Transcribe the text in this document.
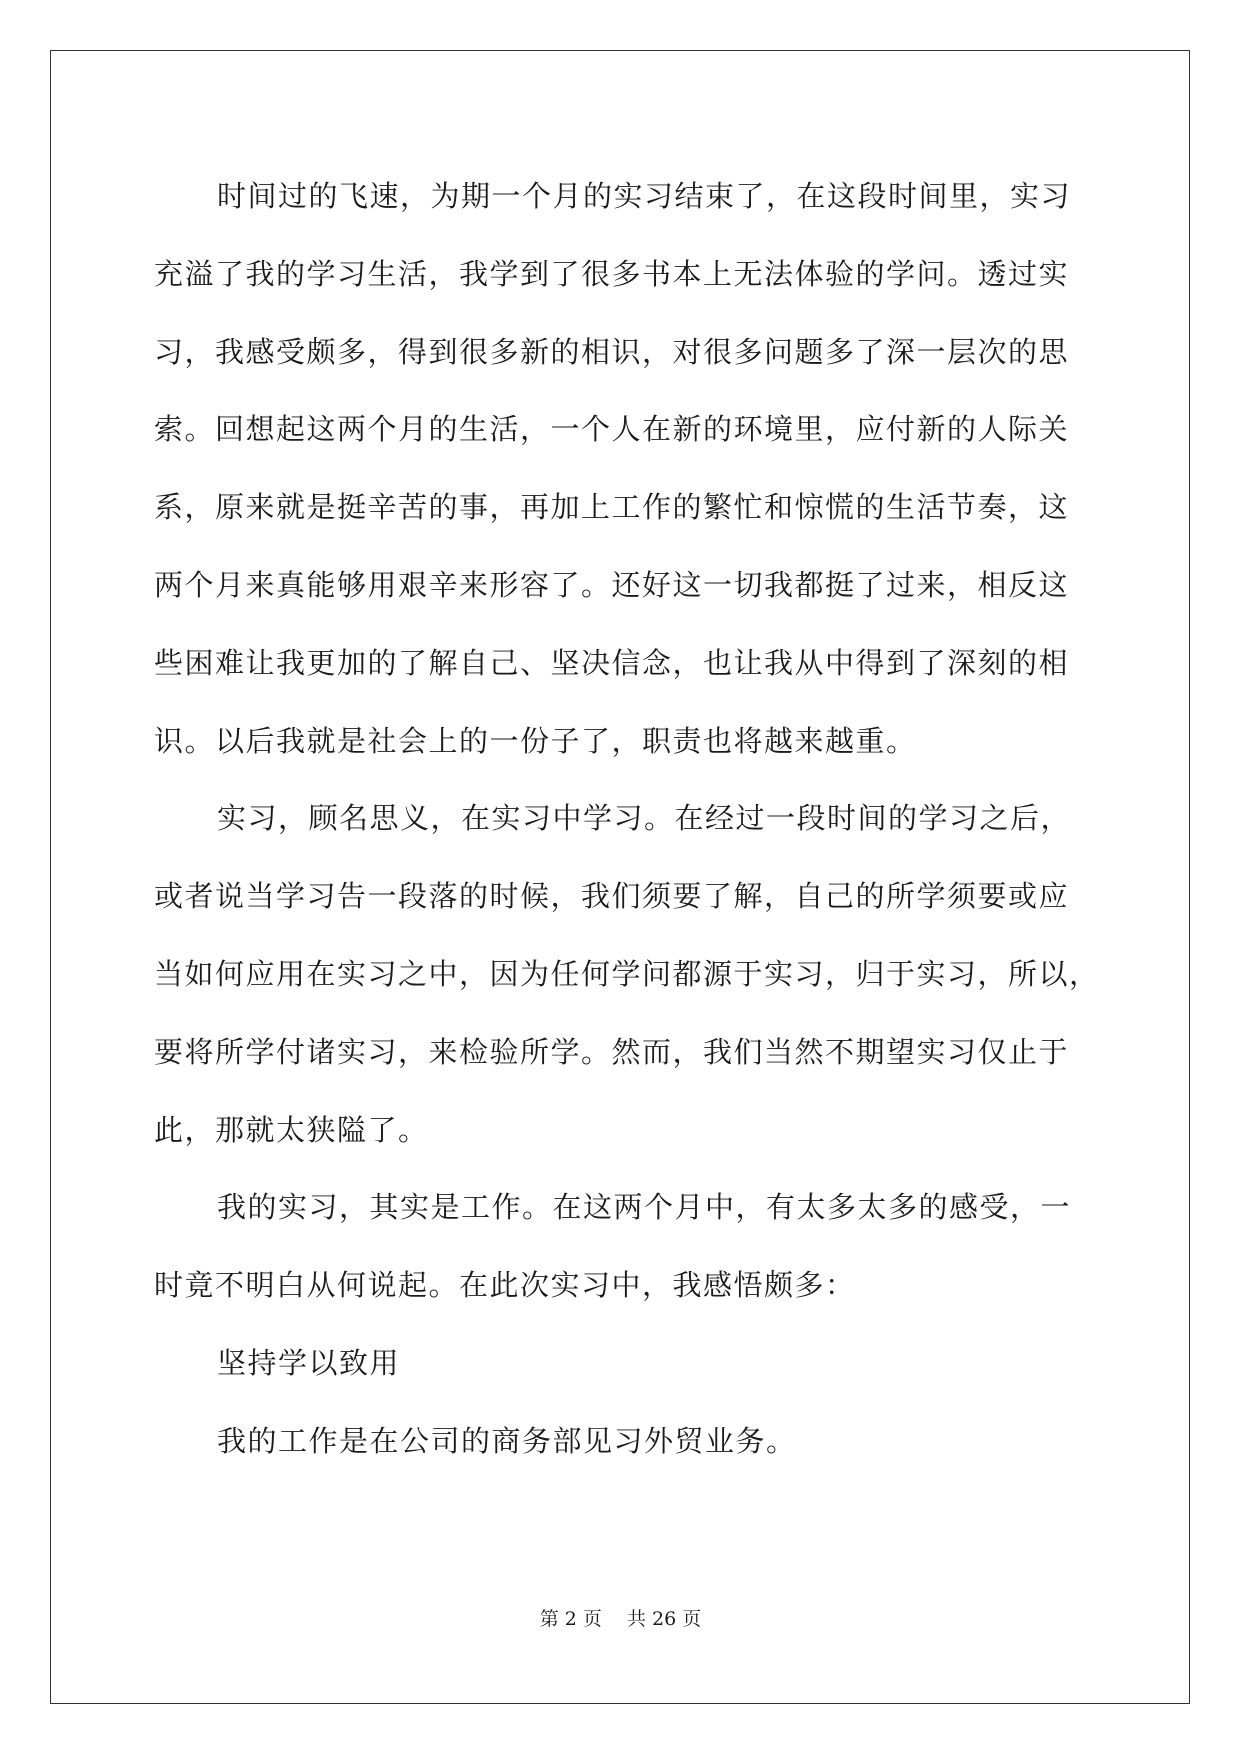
时间过的飞速，为期一个月的实习结束了，在这段时间里，实习
充溢了我的学习生活，我学到了很多书本上无法体验的学问。透过实
习，我感受颇多，得到很多新的相识，对很多问题多了深一层次的思
索。回想起这两个月的生活，一个人在新的环境里，应付新的人际关
系，原来就是挺辛苦的事，再加上工作的繁忙和惊慌的生活节奏，这
两个月来真能够用艰辛来形容了。还好这一切我都挺了过来，相反这
些困难让我更加的了解自己、坚决信念，也让我从中得到了深刻的相
识。以后我就是社会上的一份子了，职责也将越来越重。

实习，顾名思义，在实习中学习。在经过一段时间的学习之后，
或者说当学习告一段落的时候，我们须要了解，自己的所学须要或应
当如何应用在实习之中，因为任何学问都源于实习，归于实习，所以，
要将所学付诸实习，来检验所学。然而，我们当然不期望实习仅止于
此，那就太狭隘了。

我的实习，其实是工作。在这两个月中，有太多太多的感受，一
时竟不明白从何说起。在此次实习中，我感悟颇多：

坚持学以致用

我的工作是在公司的商务部见习外贸业务。

第 2 页　 共 26 页
